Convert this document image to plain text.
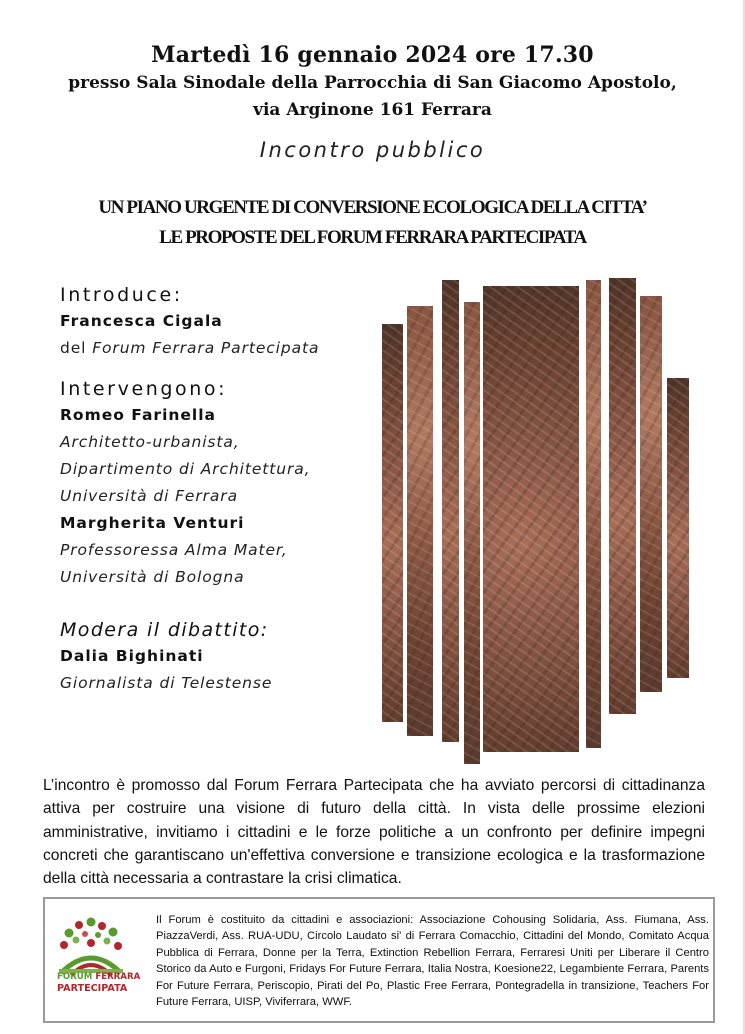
Martedì 16 gennaio 2024 ore 17.30
presso Sala Sinodale della Parrocchia di San Giacomo Apostolo,
via Arginone 161 Ferrara
Incontro pubblico
UN PIANO URGENTE DI CONVERSIONE ECOLOGICA DELLA CITTA’
LE PROPOSTE DEL FORUM FERRARA PARTECIPATA
Introduce:
Francesca Cigala
del Forum Ferrara Partecipata
Intervengono:
Romeo Farinella
Architetto-urbanista,
Dipartimento di Architettura,
Università di Ferrara
Margherita Venturi
Professoressa Alma Mater,
Università di Bologna
Modera il dibattito:
Dalia Bighinati
Giornalista di Telestense
L’incontro è promosso dal Forum Ferrara Partecipata che ha avviato percorsi di cittadinanza attiva per costruire una visione di futuro della città. In vista delle prossime elezioni amministrative, invitiamo i cittadini e le forze politiche a un confronto per definire impegni concreti che garantiscano un'effettiva conversione e transizione ecologica e la trasformazione della città necessaria a contrastare la crisi climatica.
FORUM FERRARA
PARTECIPATA
Il Forum è costituito da cittadini e associazioni: Associazione Cohousing Solidaria, Ass. Fiumana, Ass. PiazzaVerdi, Ass. RUA-UDU, Circolo Laudato si' di Ferrara Comacchio, Cittadini del Mondo, Comitato Acqua Pubblica di Ferrara, Donne per la Terra, Extinction Rebellion Ferrara, Ferraresi Uniti per Liberare il Centro Storico da Auto e Furgoni, Fridays For Future Ferrara, Italia Nostra, Koesione22, Legambiente Ferrara, Parents For Future Ferrara, Periscopio, Pirati del Po, Plastic Free Ferrara, Pontegradella in transizione, Teachers For Future Ferrara, UISP, Viviferrara, WWF.
